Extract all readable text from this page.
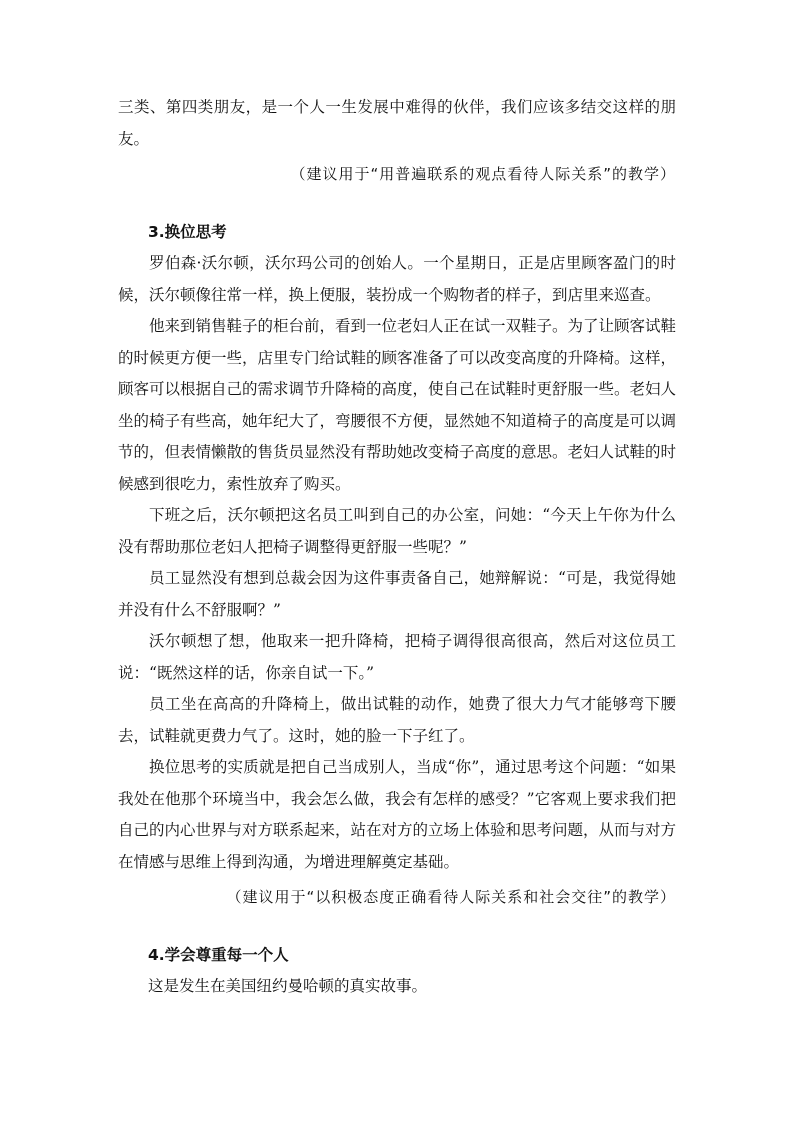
三类、第四类朋友，是一个人一生发展中难得的伙伴，我们应该多结交这样的朋友。

（建议用于“用普遍联系的观点看待人际关系”的教学）

3.换位思考

罗伯森·沃尔顿，沃尔玛公司的创始人。一个星期日，正是店里顾客盈门的时候，沃尔顿像往常一样，换上便服，装扮成一个购物者的样子，到店里来巡查。

他来到销售鞋子的柜台前，看到一位老妇人正在试一双鞋子。为了让顾客试鞋的时候更方便一些，店里专门给试鞋的顾客准备了可以改变高度的升降椅。这样，顾客可以根据自己的需求调节升降椅的高度，使自己在试鞋时更舒服一些。老妇人坐的椅子有些高，她年纪大了，弯腰很不方便，显然她不知道椅子的高度是可以调节的，但表情懒散的售货员显然没有帮助她改变椅子高度的意思。老妇人试鞋的时候感到很吃力，索性放弃了购买。

下班之后，沃尔顿把这名员工叫到自己的办公室，问她：“今天上午你为什么没有帮助那位老妇人把椅子调整得更舒服一些呢？”

员工显然没有想到总裁会因为这件事责备自己，她辩解说：“可是，我觉得她并没有什么不舒服啊？”

沃尔顿想了想，他取来一把升降椅，把椅子调得很高很高，然后对这位员工说：“既然这样的话，你亲自试一下。”

员工坐在高高的升降椅上，做出试鞋的动作，她费了很大力气才能够弯下腰去，试鞋就更费力气了。这时，她的脸一下子红了。

换位思考的实质就是把自己当成别人，当成“你”，通过思考这个问题：“如果我处在他那个环境当中，我会怎么做，我会有怎样的感受？”它客观上要求我们把自己的内心世界与对方联系起来，站在对方的立场上体验和思考问题，从而与对方在情感与思维上得到沟通，为增进理解奠定基础。

（建议用于“以积极态度正确看待人际关系和社会交往”的教学）

4.学会尊重每一个人

这是发生在美国纽约曼哈顿的真实故事。
